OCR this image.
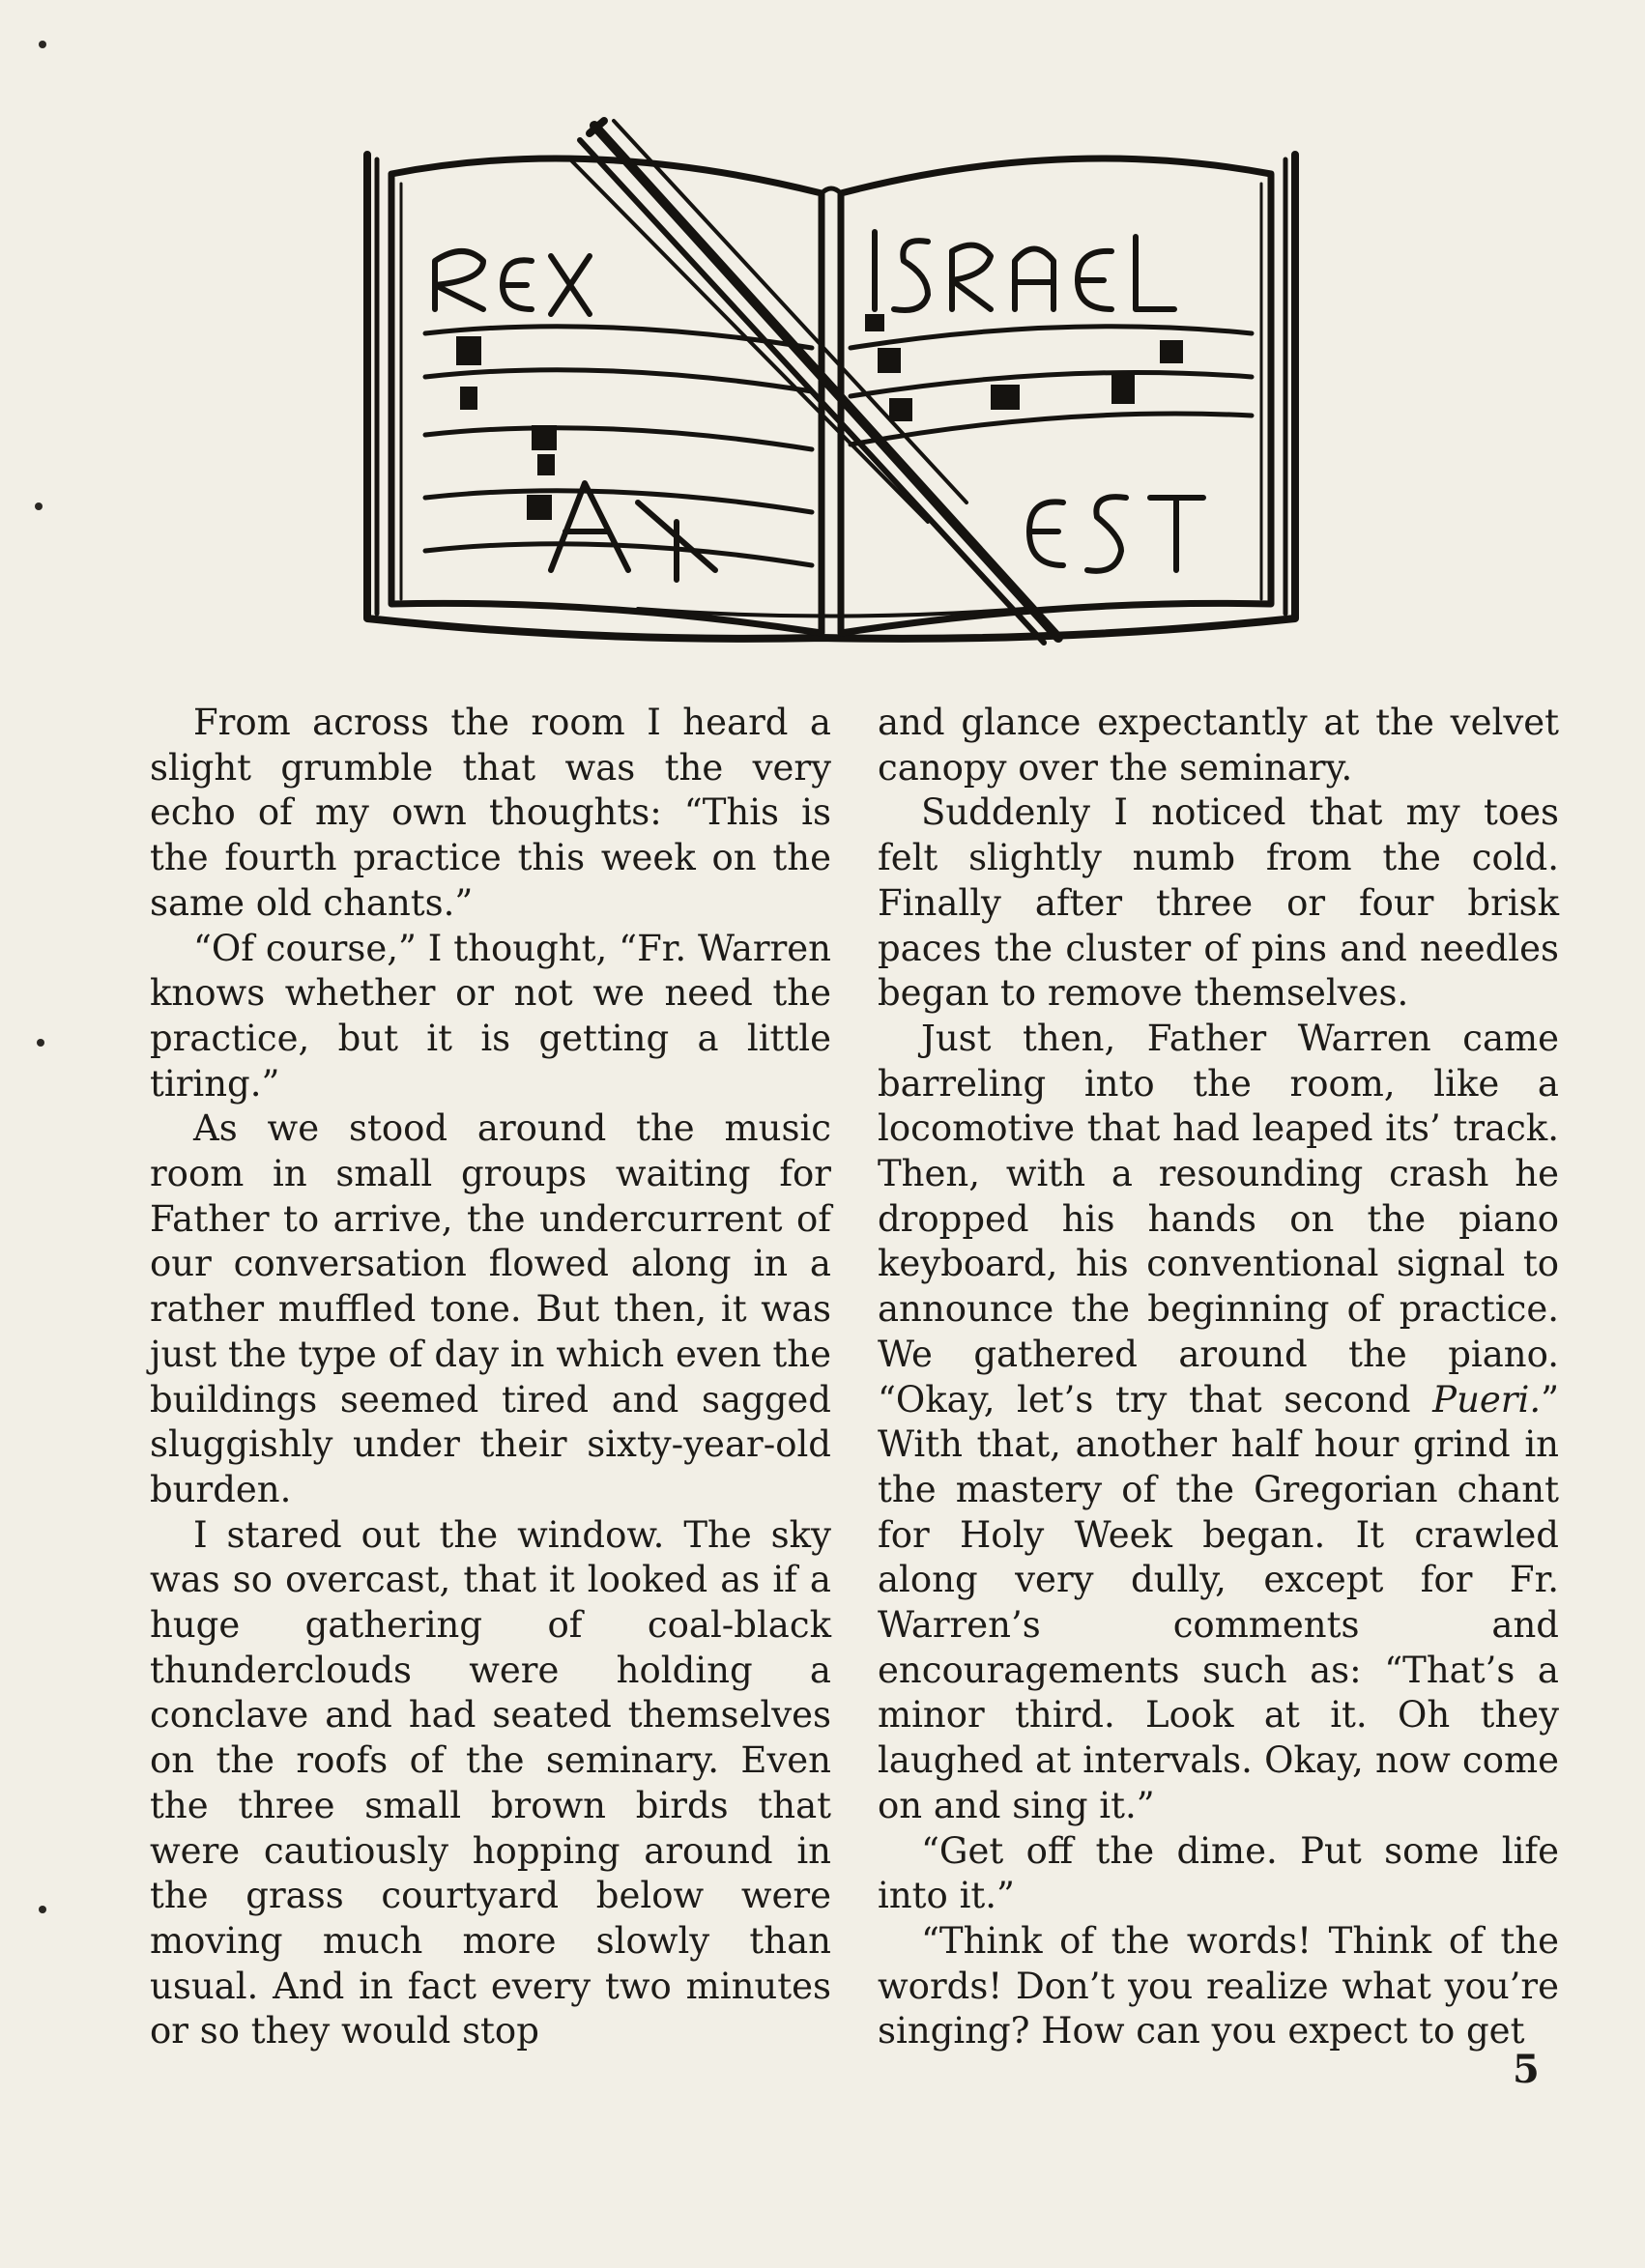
From across the room I heard a slight grumble that was the very echo of my own thoughts: “This is the fourth practice this week on the same old chants.”

“Of course,” I thought, “Fr. Warren knows whether or not we need the practice, but it is getting a little tiring.”

As we stood around the music room in small groups waiting for Father to arrive, the undercurrent of our conversation flowed along in a rather muffled tone. But then, it was just the type of day in which even the buildings seemed tired and sagged sluggishly under their sixty-year-old burden.

I stared out the window. The sky was so overcast, that it looked as if a huge gathering of coal-black thunderclouds were holding a conclave and had seated themselves on the roofs of the seminary. Even the three small brown birds that were cautiously hopping around in the grass courtyard below were moving much more slowly than usual. And in fact every two minutes or so they would stop

and glance expectantly at the velvet canopy over the seminary.

Suddenly I noticed that my toes felt slightly numb from the cold. Finally after three or four brisk paces the cluster of pins and needles began to remove themselves.

Just then, Father Warren came barreling into the room, like a locomotive that had leaped its’ track. Then, with a resounding crash he dropped his hands on the piano keyboard, his conventional signal to announce the beginning of practice. We gathered around the piano. “Okay, let’s try that second Pueri.” With that, another half hour grind in the mastery of the Gregorian chant for Holy Week began. It crawled along very dully, except for Fr. Warren’s comments and encouragements such as: “That’s a minor third. Look at it. Oh they laughed at intervals. Okay, now come on and sing it.”

“Get off the dime. Put some life into it.”

“Think of the words! Think of the words! Don’t you realize what you’re singing? How can you expect to get

5
